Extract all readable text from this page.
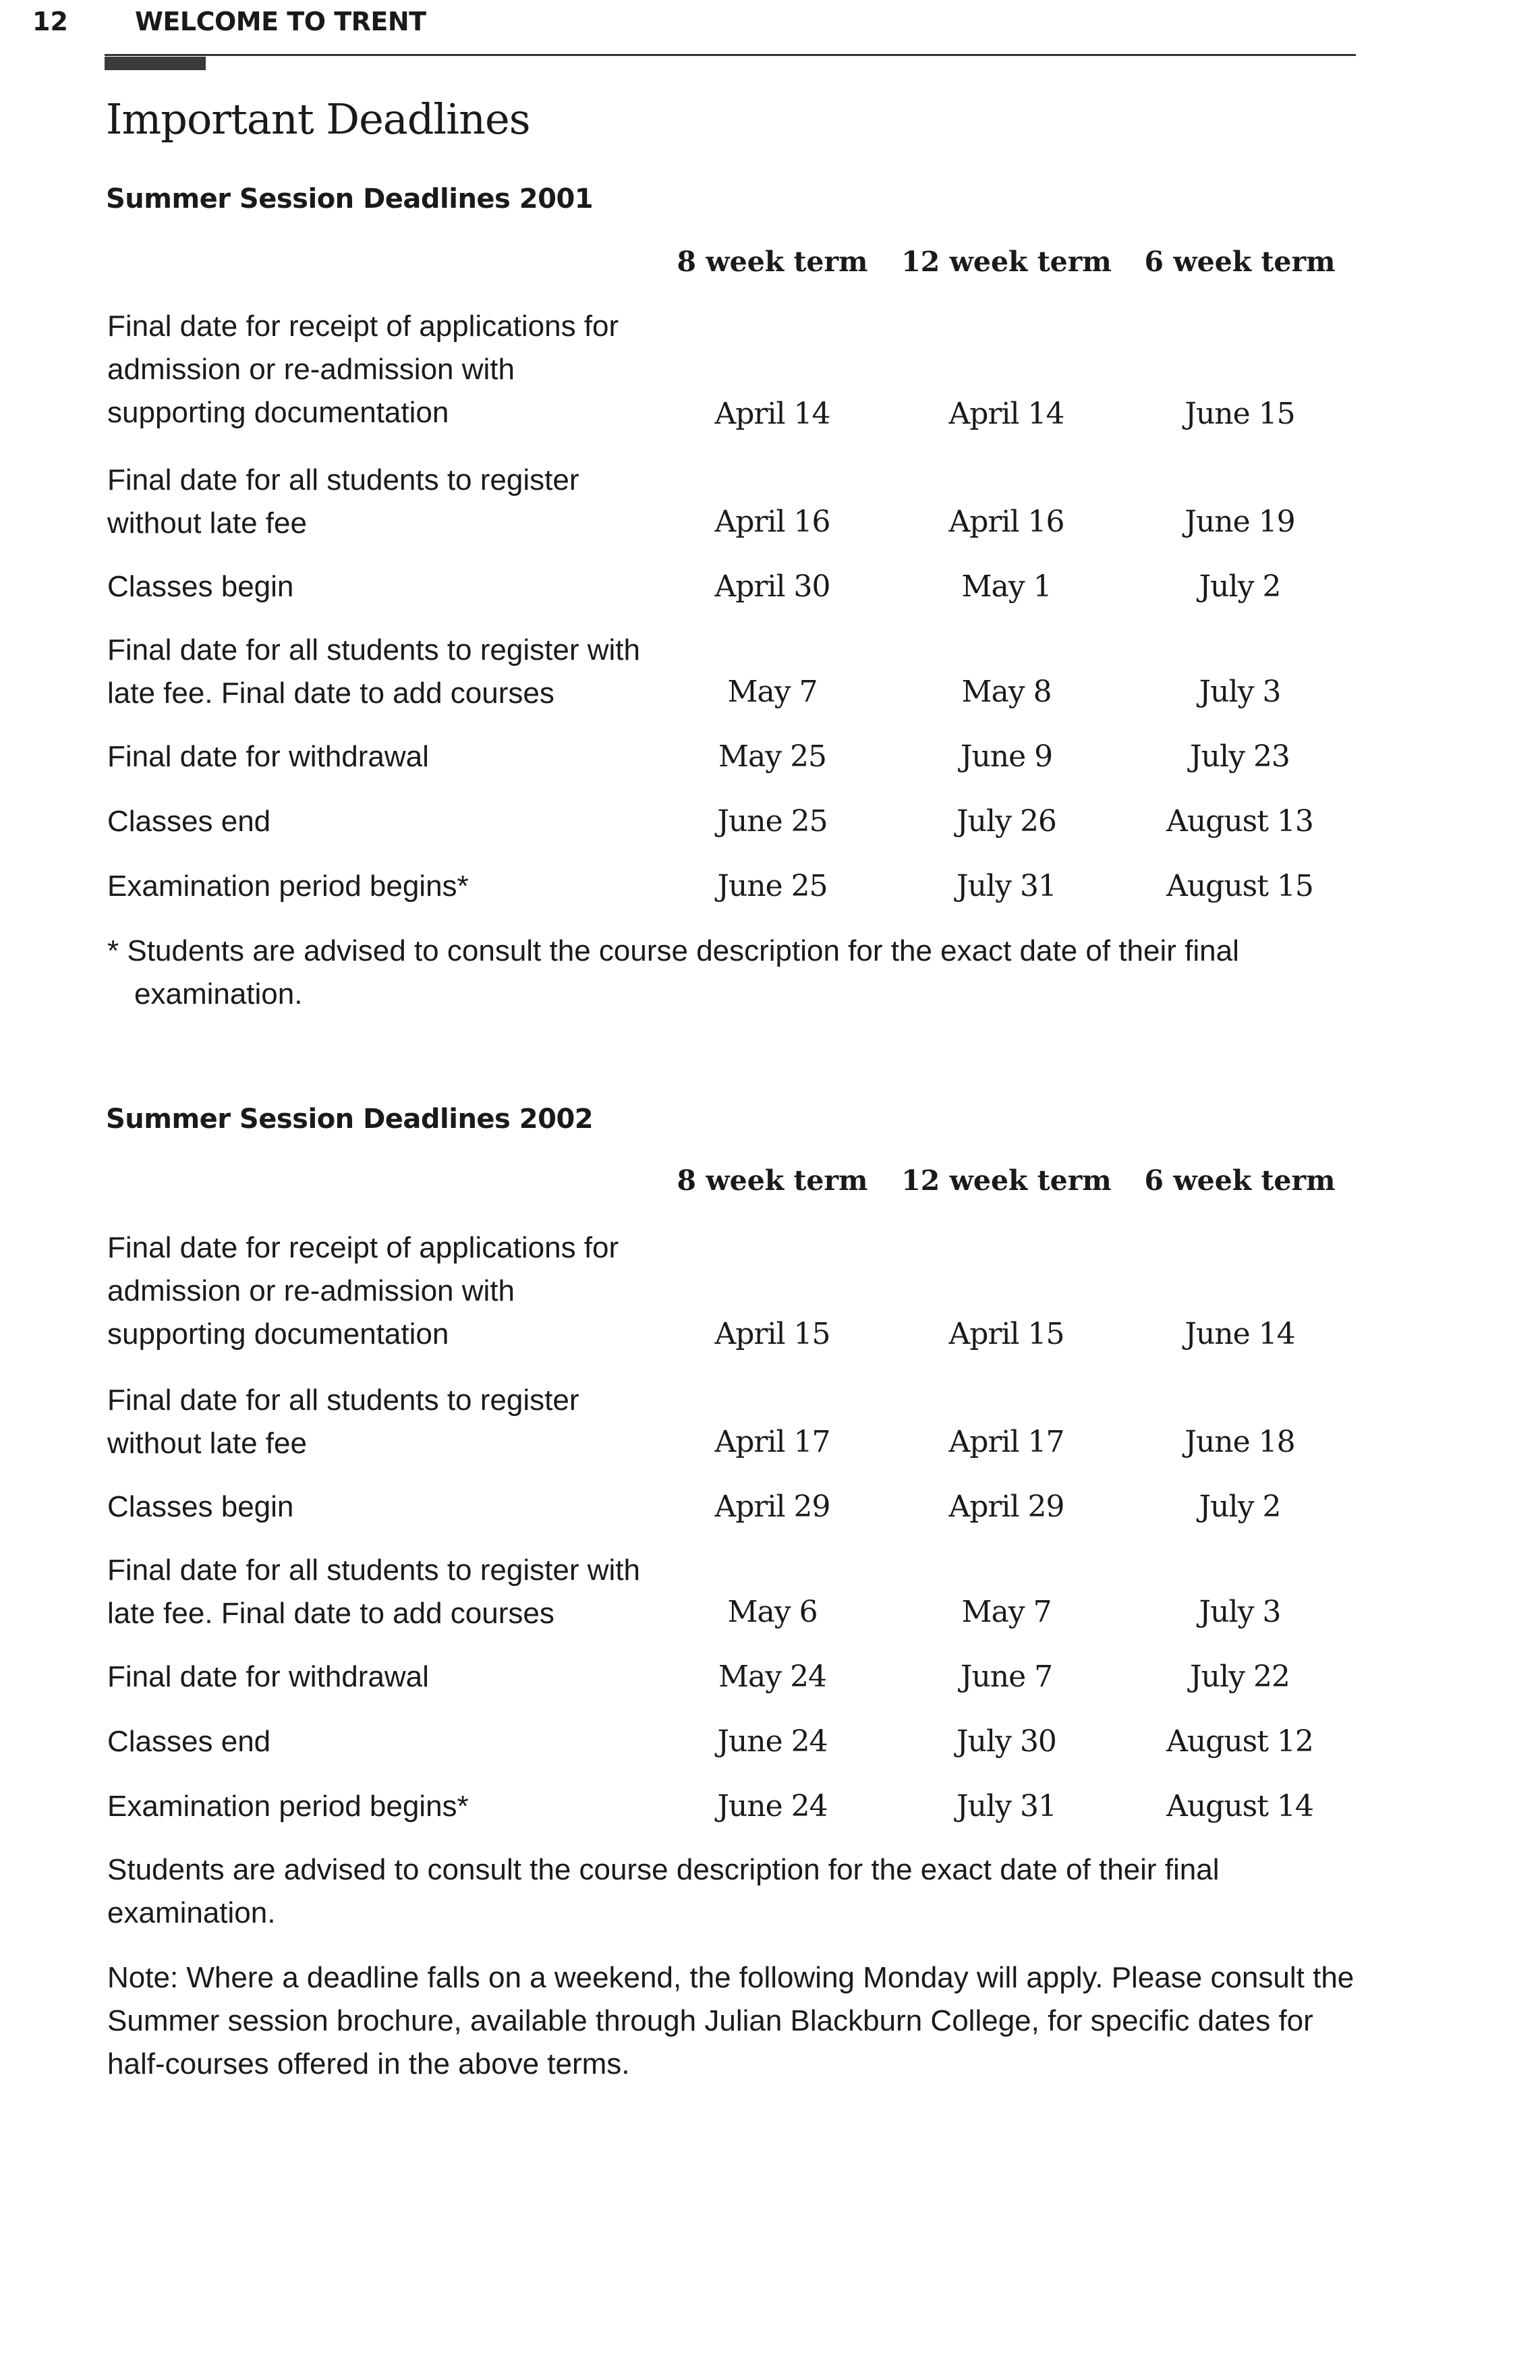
12	WELCOME TO TRENT
Important Deadlines
Summer Session Deadlines 2001
8 week term	12 week term	6 week term
Final date for receipt of applications for admission or re-admission with supporting documentation	April 14	April 14	June 15
Final date for all students to register without late fee	April 16	April 16	June 19
Classes begin	April 30	May 1	July 2
Final date for all students to register with late fee. Final date to add courses	May 7	May 8	July 3
Final date for withdrawal	May 25	June 9	July 23
Classes end	June 25	July 26	August 13
Examination period begins*	June 25	July 31	August 15
* Students are advised to consult the course description for the exact date of their final examination.
Summer Session Deadlines 2002
8 week term	12 week term	6 week term
Final date for receipt of applications for admission or re-admission with supporting documentation	April 15	April 15	June 14
Final date for all students to register without late fee	April 17	April 17	June 18
Classes begin	April 29	April 29	July 2
Final date for all students to register with late fee. Final date to add courses	May 6	May 7	July 3
Final date for withdrawal	May 24	June 7	July 22
Classes end	June 24	July 30	August 12
Examination period begins*	June 24	July 31	August 14
Students are advised to consult the course description for the exact date of their final examination.
Note: Where a deadline falls on a weekend, the following Monday will apply. Please consult the Summer session brochure, available through Julian Blackburn College, for specific dates for half-courses offered in the above terms.
